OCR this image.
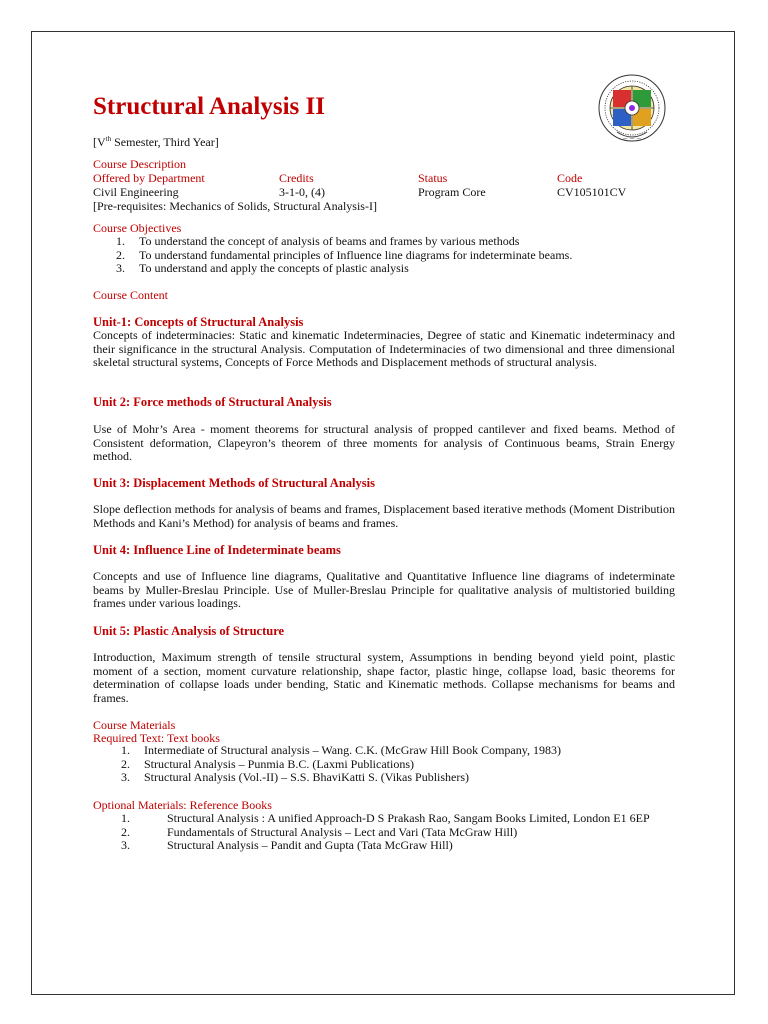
— — —
Structural Analysis II
[Vth Semester, Third Year]
Course Description
Offered by Department	Credits	Status	Code
Civil Engineering	3-1-0, (4)	Program Core	CV105101CV
[Pre-requisites: Mechanics of Solids, Structural Analysis-I]
Course Objectives
1. To understand the concept of analysis of beams and frames by various methods
2. To understand fundamental principles of Influence line diagrams for indeterminate beams.
3. To understand and apply the concepts of plastic analysis
Course Content
Unit-1: Concepts of Structural Analysis
Concepts of indeterminacies: Static and kinematic Indeterminacies, Degree of static and Kinematic indeterminacy and their significance in the structural Analysis. Computation of Indeterminacies of two dimensional and three dimensional skeletal structural systems, Concepts of Force Methods and Displacement methods of structural analysis.
Unit 2: Force methods of Structural Analysis
Use of Mohr’s Area - moment theorems for structural analysis of propped cantilever and fixed beams. Method of Consistent deformation, Clapeyron’s theorem of three moments for analysis of Continuous beams, Strain Energy method.
Unit 3: Displacement Methods of Structural Analysis
Slope deflection methods for analysis of beams and frames, Displacement based iterative methods (Moment Distribution Methods and Kani’s Method) for analysis of beams and frames.
Unit 4: Influence Line of Indeterminate beams
Concepts and use of Influence line diagrams, Qualitative and Quantitative Influence line diagrams of indeterminate beams by Muller-Breslau Principle. Use of Muller-Breslau Principle for qualitative analysis of multistoried building frames under various loadings.
Unit 5: Plastic Analysis of Structure
Introduction, Maximum strength of tensile structural system, Assumptions in bending beyond yield point, plastic moment of a section, moment curvature relationship, shape factor, plastic hinge, collapse load, basic theorems for determination of collapse loads under bending, Static and Kinematic methods. Collapse mechanisms for beams and frames.
Course Materials
Required Text: Text books
1. Intermediate of Structural analysis – Wang. C.K. (McGraw Hill Book Company, 1983)
2. Structural Analysis – Punmia B.C. (Laxmi Publications)
3. Structural Analysis (Vol.-II) – S.S. BhaviKatti S. (Vikas Publishers)
Optional Materials: Reference Books
1.	Structural Analysis : A unified Approach-D S Prakash Rao, Sangam Books Limited, London E1 6EP
2.	Fundamentals of Structural Analysis – Lect and Vari (Tata McGraw Hill)
3.	Structural Analysis – Pandit and Gupta (Tata McGraw Hill)
